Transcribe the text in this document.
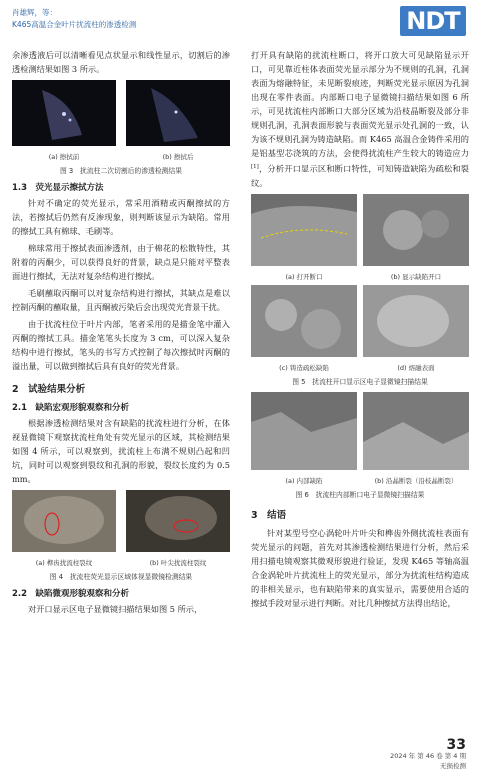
肖雄辉，等：
K465高温合金叶片扰流柱的渗透检测	NDT

余渗透液后可以清晰看见点状显示和线性显示，切割后的渗透检测结果如图 3 所示。

(a) 擦拭前	(b) 擦拭后
图 3　扰流柱二次切割后的渗透检测结果
1.3　荧光显示擦拭方法

针对不确定的荧光显示，常采用酒精或丙酮擦拭的方法，若擦拭后仍然有反渗现象，则判断该显示为缺陷。常用的擦拭工具有棉球、毛刷等。

棉球常用于擦拭表面渗透剂，由于棉花的松散特性，其附着的丙酮少，可以获得良好的背景，缺点是只能对平整表面进行擦拭，无法对复杂结构进行擦拭。

毛刷蘸取丙酮可以对复杂结构进行擦拭，其缺点是难以控制丙酮的蘸取量，且丙酮被污染后会出现荧光背景干扰。

由于扰流柱位于叶片内部，笔者采用的是描金笔中灌入丙酮的擦拭工具。描金笔笔头长度为 3 cm，可以深入复杂结构中进行擦拭，笔头的书写方式控制了每次擦拭时丙酮的溢出量，可以做到擦拭后具有良好的荧光背景。

2　试验结果分析
2.1　缺陷宏观形貌观察和分析

根据渗透检测结果对含有缺陷的扰流柱进行分析，在体视显微镜下观察扰流柱角处有荧光显示的区域，其检测结果如图 4 所示，可以观察到，扰流柱上布满不规则凸起和凹坑，同时可以观察到裂纹和孔洞的形貌，裂纹长度约为 0.5 mm。

(a) 榫齿扰流柱裂纹	(b) 叶尖扰流柱裂纹
图 4　扰流柱荧光显示区域体视显微镜检测结果
2.2　缺陷微观形貌观察和分析

对开口显示区电子显微镜扫描结果如图 5 所示，

打开具有缺陷的扰流柱断口，将开口放大可见缺陷显示开口，可见靠近柱体表面荧光显示部分为不规则的孔洞，孔洞表面为熔融特征，未见断裂痕迹，判断荧光显示原因为孔洞出现在零件表面。内部断口电子显微镜扫描结果如图 6 所示，可见扰流柱内部断口大部分区域为沿枝晶断裂及部分非规则孔洞，孔洞表面形貌与表面荧光显示处孔洞的一致，认为该不规则孔洞为铸造缺陷。而 K465 高温合金铸件采用的是铝基型芯浇筑的方法，会使得扰流柱产生较大的铸造应力[1]，分析开口显示区和断口特性，可知铸造缺陷为疏松和裂纹。

(a) 打开断口	(b) 显示缺陷开口
(c) 铸造疏松缺陷	(d) 熔融表面
图 5　扰流柱开口显示区电子显微镜扫描结果
(a) 内部缺陷	(b) 沿晶断裂（沿枝晶断裂）
图 6　扰流柱内部断口电子显微镜扫描结果
3　结语

针对某型号空心涡轮叶片叶尖和榫齿外侧扰流柱表面有荧光显示的问题，首先对其渗透检测结果进行分析，然后采用扫描电镜观察其微观形貌进行验证，发现 K465 等轴高温合金涡轮叶片扰流柱上的荧光显示，部分为扰流柱结构造成的非相关显示，也有缺陷带来的真实显示，需要使用合适的擦拭手段对显示进行判断。对比几种擦拭方法得出结论，

33
2024 年 第 46 卷 第 4 期
无损检测
